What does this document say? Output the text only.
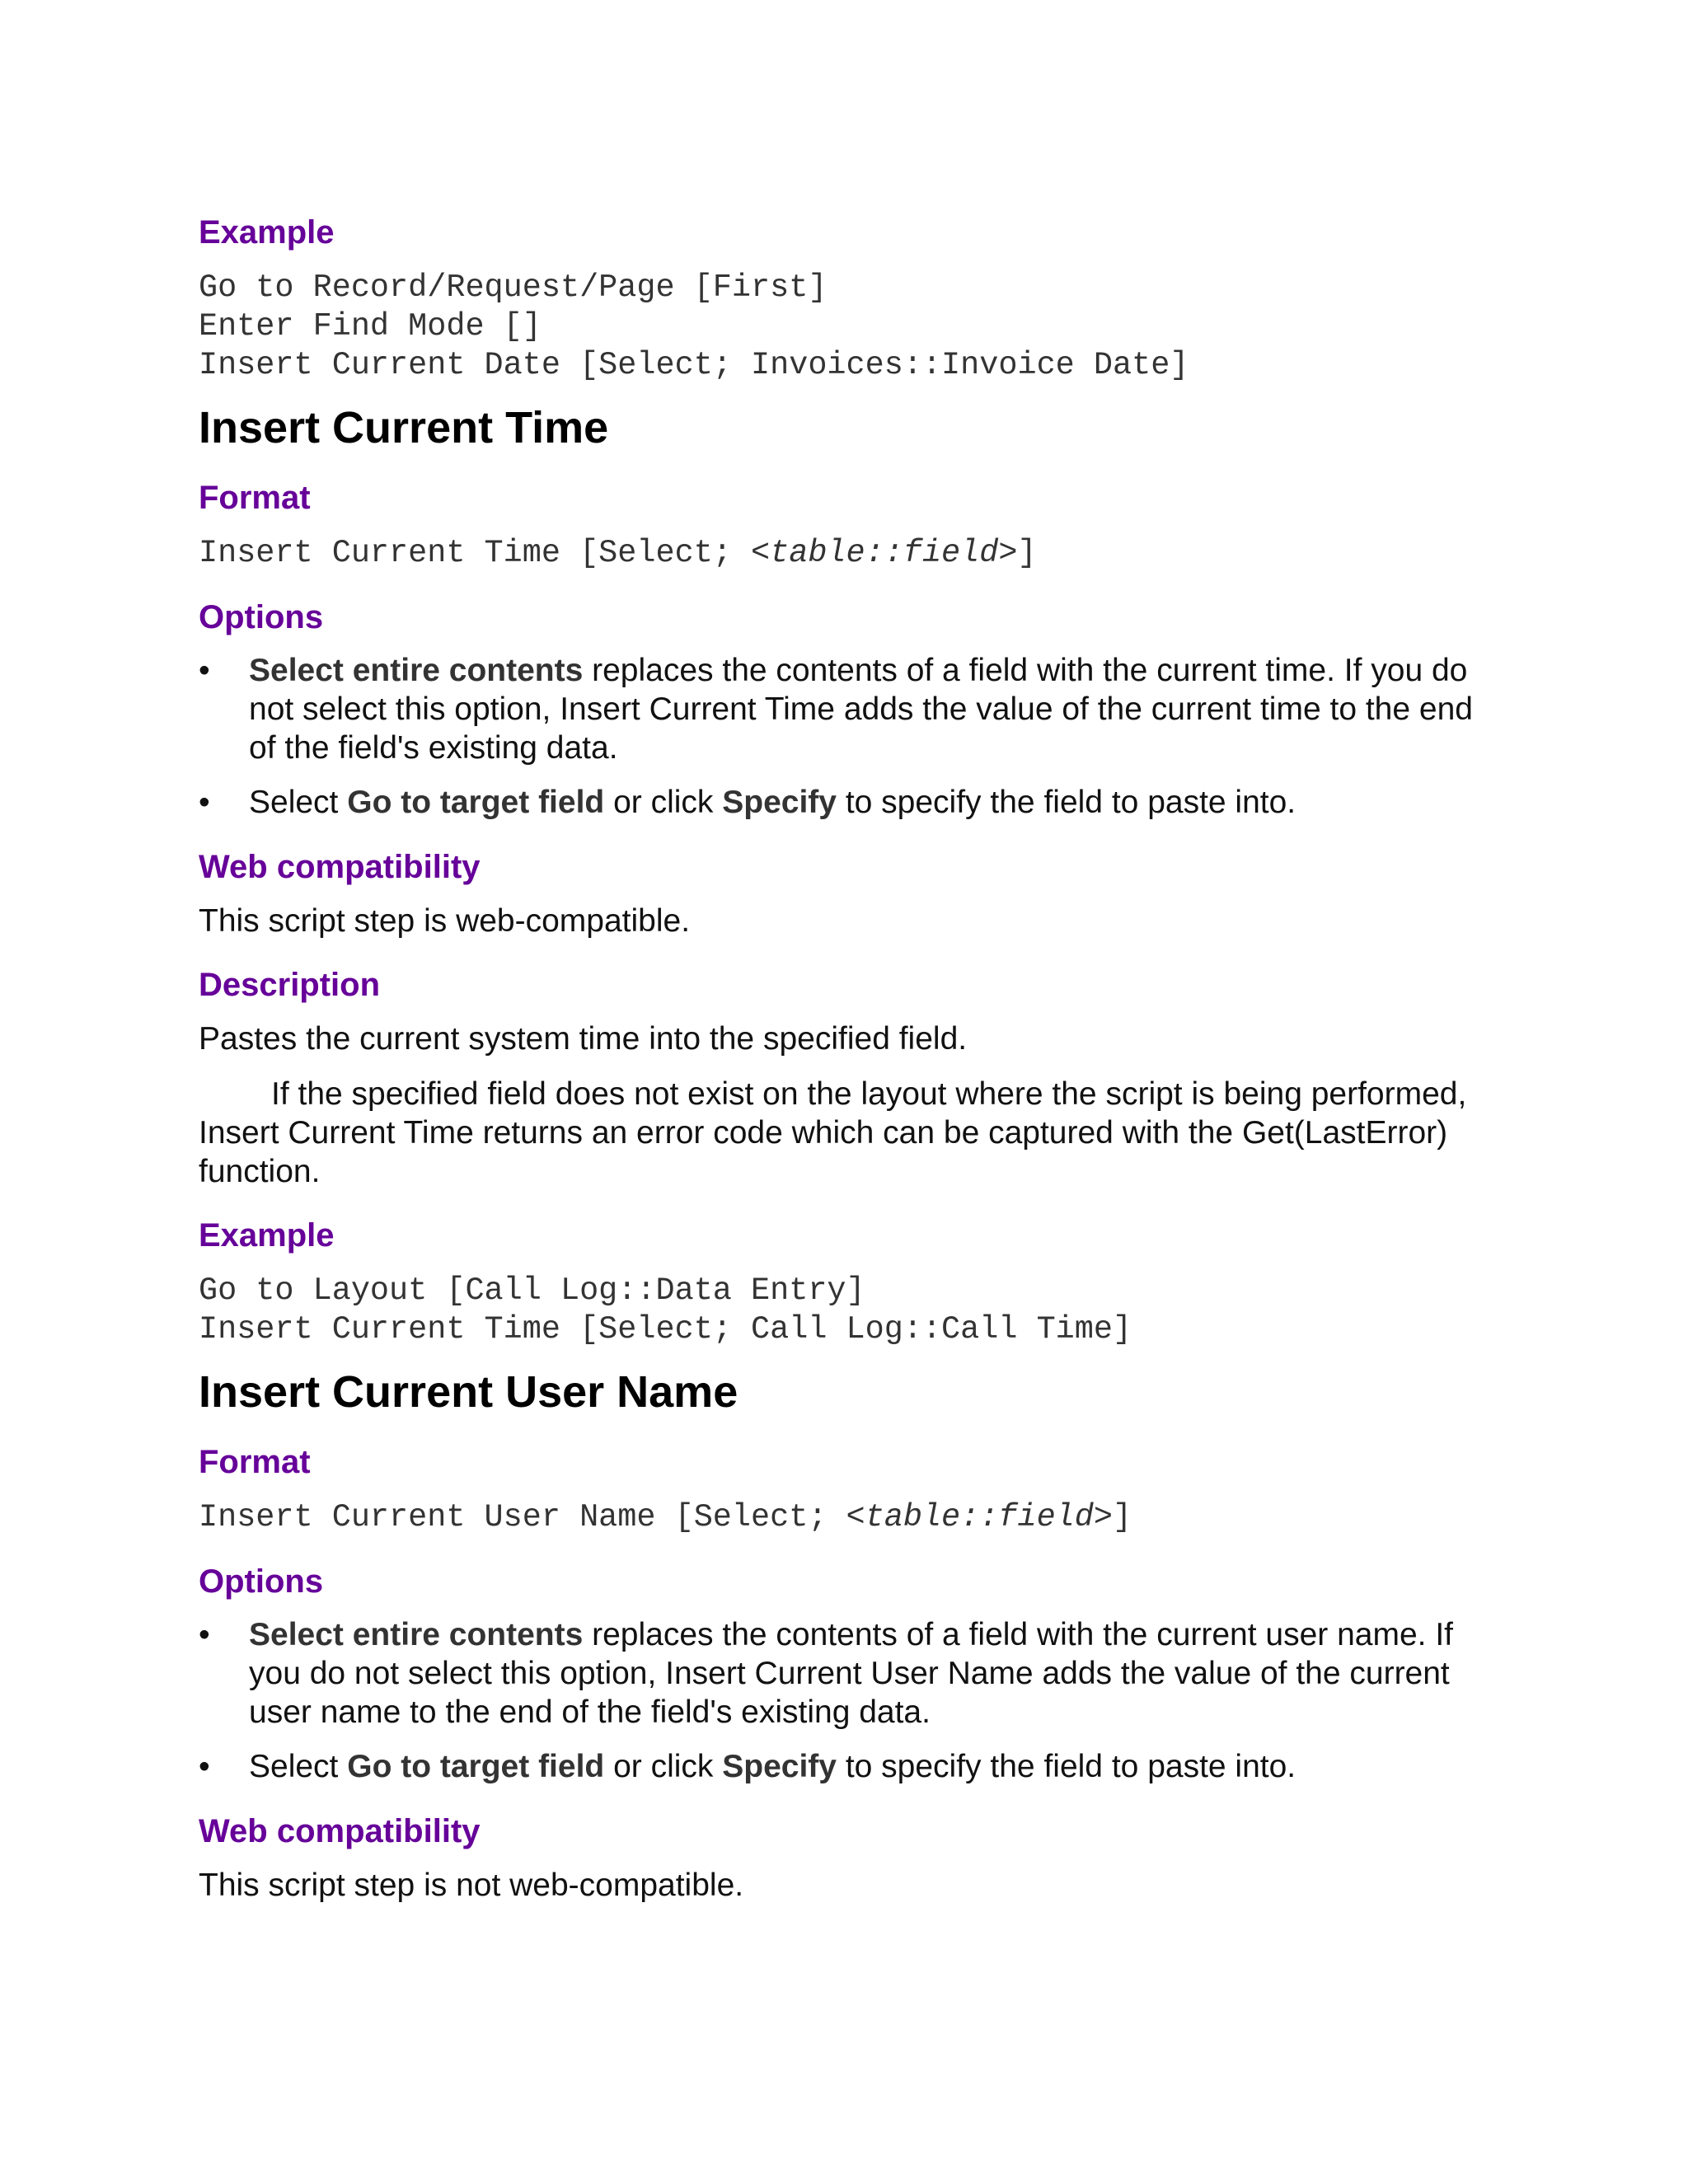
Example
Go to Record/Request/Page [First]
Enter Find Mode []
Insert Current Date [Select; Invoices::Invoice Date]
Insert Current Time
Format
Insert Current Time [Select; <table::field>]
Options
•	Select entire contents replaces the contents of a field with the current time. If you do not select this option, Insert Current Time adds the value of the current time to the end of the field's existing data.
•	Select Go to target field or click Specify to specify the field to paste into.
Web compatibility
This script step is web-compatible.
Description
Pastes the current system time into the specified field.
If the specified field does not exist on the layout where the script is being performed, Insert Current Time returns an error code which can be captured with the Get(LastError) function.
Example
Go to Layout [Call Log::Data Entry]
Insert Current Time [Select; Call Log::Call Time]
Insert Current User Name
Format
Insert Current User Name [Select; <table::field>]
Options
•	Select entire contents replaces the contents of a field with the current user name. If you do not select this option, Insert Current User Name adds the value of the current user name to the end of the field's existing data.
•	Select Go to target field or click Specify to specify the field to paste into.
Web compatibility
This script step is not web-compatible.
